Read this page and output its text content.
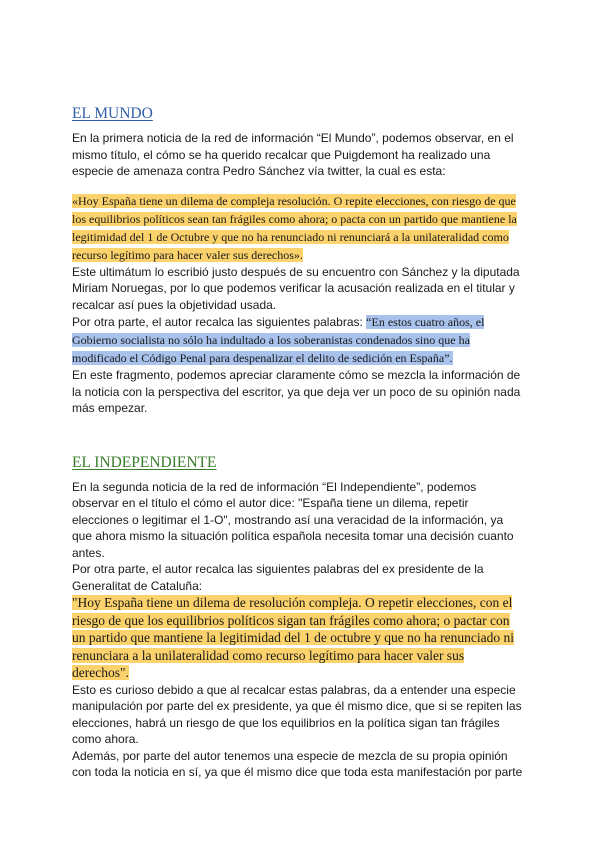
EL MUNDO

En la primera noticia de la red de información “El Mundo”, podemos observar, en el mismo título, el cómo se ha querido recalcar que Puigdemont ha realizado una especie de amenaza contra Pedro Sánchez vía twitter, la cual es esta:

«Hoy España tiene un dilema de compleja resolución. O repite elecciones, con riesgo de que los equilibrios políticos sean tan frágiles como ahora; o pacta con un partido que mantiene la legitimidad del 1 de Octubre y que no ha renunciado ni renunciará a la unilateralidad como recurso legítimo para hacer valer sus derechos».

Este ultimátum lo escribió justo después de su encuentro con Sánchez y la diputada Miriam Noruegas, por lo que podemos verificar la acusación realizada en el titular y recalcar así pues la objetividad usada.

Por otra parte, el autor recalca las siguientes palabras: “En estos cuatro años, el Gobierno socialista no sólo ha indultado a los soberanistas condenados sino que ha modificado el Código Penal para despenalizar el delito de sedición en España”.

En este fragmento, podemos apreciar claramente cómo se mezcla la información de la noticia con la perspectiva del escritor, ya que deja ver un poco de su opinión nada más empezar.

EL INDEPENDIENTE

En la segunda noticia de la red de información “El Independiente”, podemos observar en el título el cómo el autor dice: "España tiene un dilema, repetir elecciones o legitimar el 1-O", mostrando así una veracidad de la información, ya que ahora mismo la situación política española necesita tomar una decisión cuanto antes.

Por otra parte, el autor recalca las siguientes palabras del ex presidente de la Generalitat de Cataluña:

"Hoy España tiene un dilema de resolución compleja. O repetir elecciones, con el riesgo de que los equilibrios políticos sigan tan frágiles como ahora; o pactar con un partido que mantiene la legitimidad del 1 de octubre y que no ha renunciado ni renunciara a la unilateralidad como recurso legítimo para hacer valer sus derechos".

Esto es curioso debido a que al recalcar estas palabras, da a entender una especie manipulación por parte del ex presidente, ya que él mismo dice, que si se repiten las elecciones, habrá un riesgo de que los equilibrios en la política sigan tan frágiles como ahora.

Además, por parte del autor tenemos una especie de mezcla de su propia opinión con toda la noticia en sí, ya que él mismo dice que toda esta manifestación por parte
